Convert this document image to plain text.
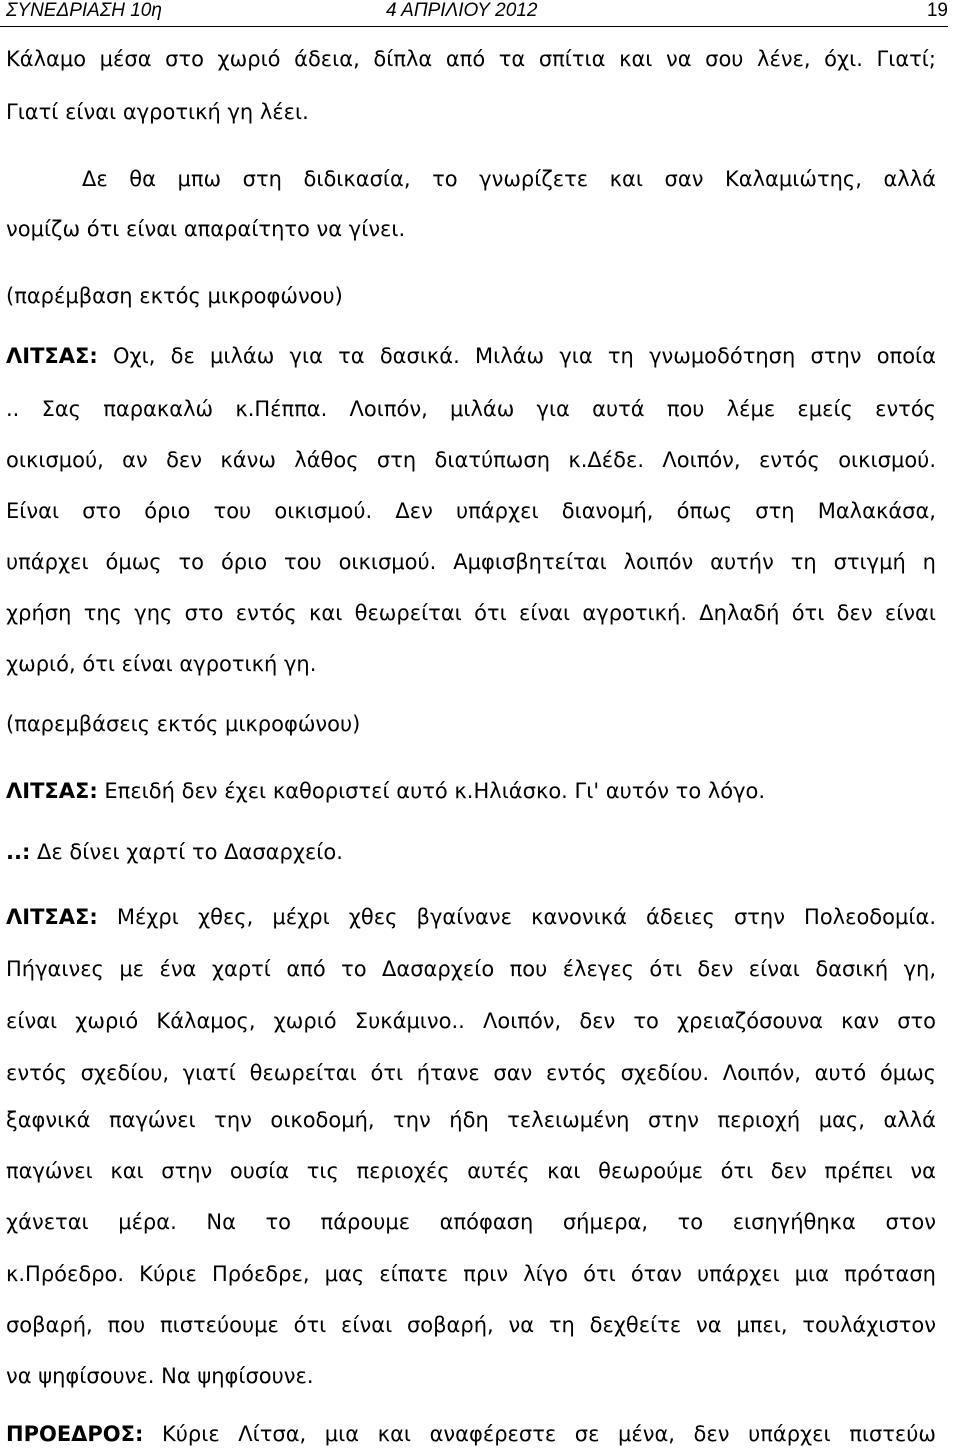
ΣΥΝΕΔΡΙΑΣΗ 10η	4 ΑΠΡΙΛΙΟΥ 2012	19
Κάλαμο μέσα στο χωριό άδεια, δίπλα από τα σπίτια και να σου λένε, όχι. Γιατί;
Γιατί είναι αγροτική γη λέει.
Δε θα μπω στη διδικασία, το γνωρίζετε και σαν Καλαμιώτης, αλλά
νομίζω ότι είναι απαραίτητο να γίνει.
(παρέμβαση εκτός μικροφώνου)
ΛΙΤΣΑΣ: Οχι, δε μιλάω για τα δασικά. Μιλάω για τη γνωμοδότηση στην οποία
.. Σας παρακαλώ κ.Πέππα. Λοιπόν, μιλάω για αυτά που λέμε εμείς εντός
οικισμού, αν δεν κάνω λάθος στη διατύπωση κ.Δέδε. Λοιπόν, εντός οικισμού.
Είναι στο όριο του οικισμού. Δεν υπάρχει διανομή, όπως στη Μαλακάσα,
υπάρχει όμως το όριο του οικισμού. Αμφισβητείται λοιπόν αυτήν τη στιγμή η
χρήση της γης στο εντός και θεωρείται ότι είναι αγροτική. Δηλαδή ότι δεν είναι
χωριό, ότι είναι αγροτική γη.
(παρεμβάσεις εκτός μικροφώνου)
ΛΙΤΣΑΣ: Επειδή δεν έχει καθοριστεί αυτό κ.Ηλιάσκο. Γι' αυτόν το λόγο.
..: Δε δίνει χαρτί το Δασαρχείο.
ΛΙΤΣΑΣ: Μέχρι χθες, μέχρι χθες βγαίνανε κανονικά άδειες στην Πολεοδομία.
Πήγαινες με ένα χαρτί από το Δασαρχείο που έλεγες ότι δεν είναι δασική γη,
είναι χωριό Κάλαμος, χωριό Συκάμινο.. Λοιπόν, δεν το χρειαζόσουνα καν στο
εντός σχεδίου, γιατί θεωρείται ότι ήτανε σαν εντός σχεδίου. Λοιπόν, αυτό όμως
ξαφνικά παγώνει την οικοδομή, την ήδη τελειωμένη στην περιοχή μας, αλλά
παγώνει και στην ουσία τις περιοχές αυτές και θεωρούμε ότι δεν πρέπει να
χάνεται μέρα. Να το πάρουμε απόφαση σήμερα, το εισηγήθηκα στον
κ.Πρόεδρο. Κύριε Πρόεδρε, μας είπατε πριν λίγο ότι όταν υπάρχει μια πρόταση
σοβαρή, που πιστεύουμε ότι είναι σοβαρή, να τη δεχθείτε να μπει, τουλάχιστον
να ψηφίσουνε. Να ψηφίσουνε.
ΠΡΟΕΔΡΟΣ: Κύριε Λίτσα, μια και αναφέρεστε σε μένα, δεν υπάρχει πιστεύω
